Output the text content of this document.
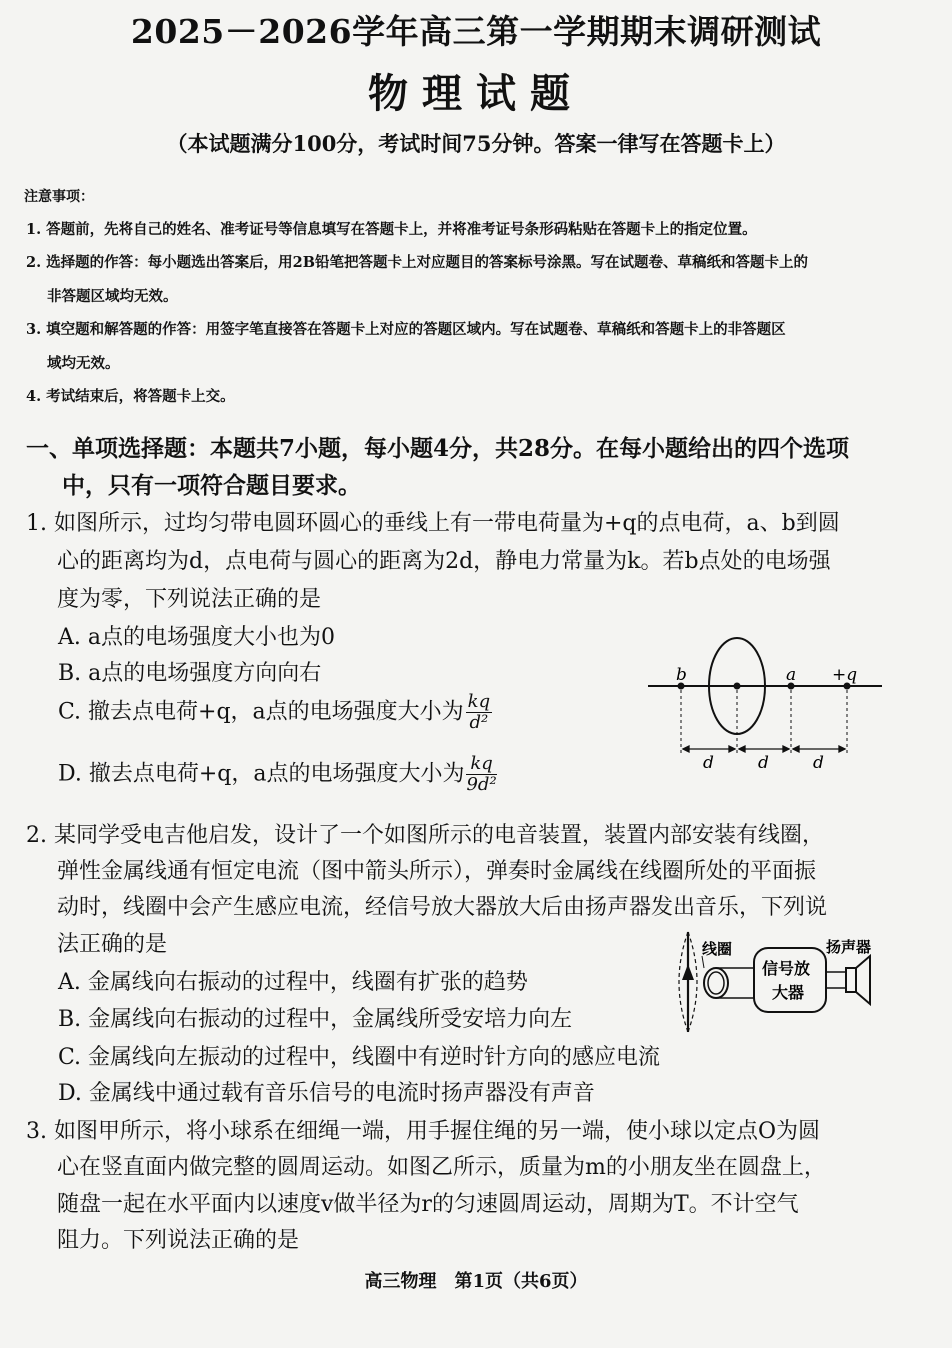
2025－2026学年高三第一学期期末调研测试
物理试题
（本试题满分100分，考试时间75分钟。答案一律写在答题卡上）
注意事项：
1. 答题前，先将自己的姓名、准考证号等信息填写在答题卡上，并将准考证号条形码粘贴在答题卡上的指定位置。
2. 选择题的作答：每小题选出答案后，用2B铅笔把答题卡上对应题目的答案标号涂黑。写在试题卷、草稿纸和答题卡上的
非答题区域均无效。
3. 填空题和解答题的作答：用签字笔直接答在答题卡上对应的答题区域内。写在试题卷、草稿纸和答题卡上的非答题区
域均无效。
4. 考试结束后，将答题卡上交。
一、单项选择题：本题共7小题，每小题4分，共28分。在每小题给出的四个选项
中，只有一项符合题目要求。
1. 如图所示，过均匀带电圆环圆心的垂线上有一带电荷量为+q的点电荷，a、b到圆
心的距离均为d，点电荷与圆心的距离为2d，静电力常量为k。若b点处的电场强
度为零，下列说法正确的是
A. a点的电场强度大小也为0
B. a点的电场强度方向向右
C. 撤去点电荷+q，a点的电场强度大小为 $\frac{kq}{\text{d²}}$
D. 撤去点电荷+q，a点的电场强度大小为 $\frac{kq}{\text{9d²}}$
b	a +q
d	d	d
2. 某同学受电吉他启发，设计了一个如图所示的电音装置，装置内部安装有线圈，
弹性金属线通有恒定电流（图中箭头所示），弹奏时金属线在线圈所处的平面振
动时，线圈中会产生感应电流，经信号放大器放大后由扬声器发出音乐，下列说
法正确的是
A. 金属线向右振动的过程中，线圈有扩张的趋势
B. 金属线向右振动的过程中，金属线所受安培力向左
C. 金属线向左振动的过程中，线圈中有逆时针方向的感应电流
D. 金属线中通过载有音乐信号的电流时扬声器没有声音
线圈
信号放
大器
扬声器
3. 如图甲所示，将小球系在细绳一端，用手握住绳的另一端，使小球以定点O为圆
心在竖直面内做完整的圆周运动。如图乙所示，质量为m的小朋友坐在圆盘上，
随盘一起在水平面内以速度v做半径为r的匀速圆周运动，周期为T。不计空气
阻力。下列说法正确的是
高三物理　第1页（共6页）
